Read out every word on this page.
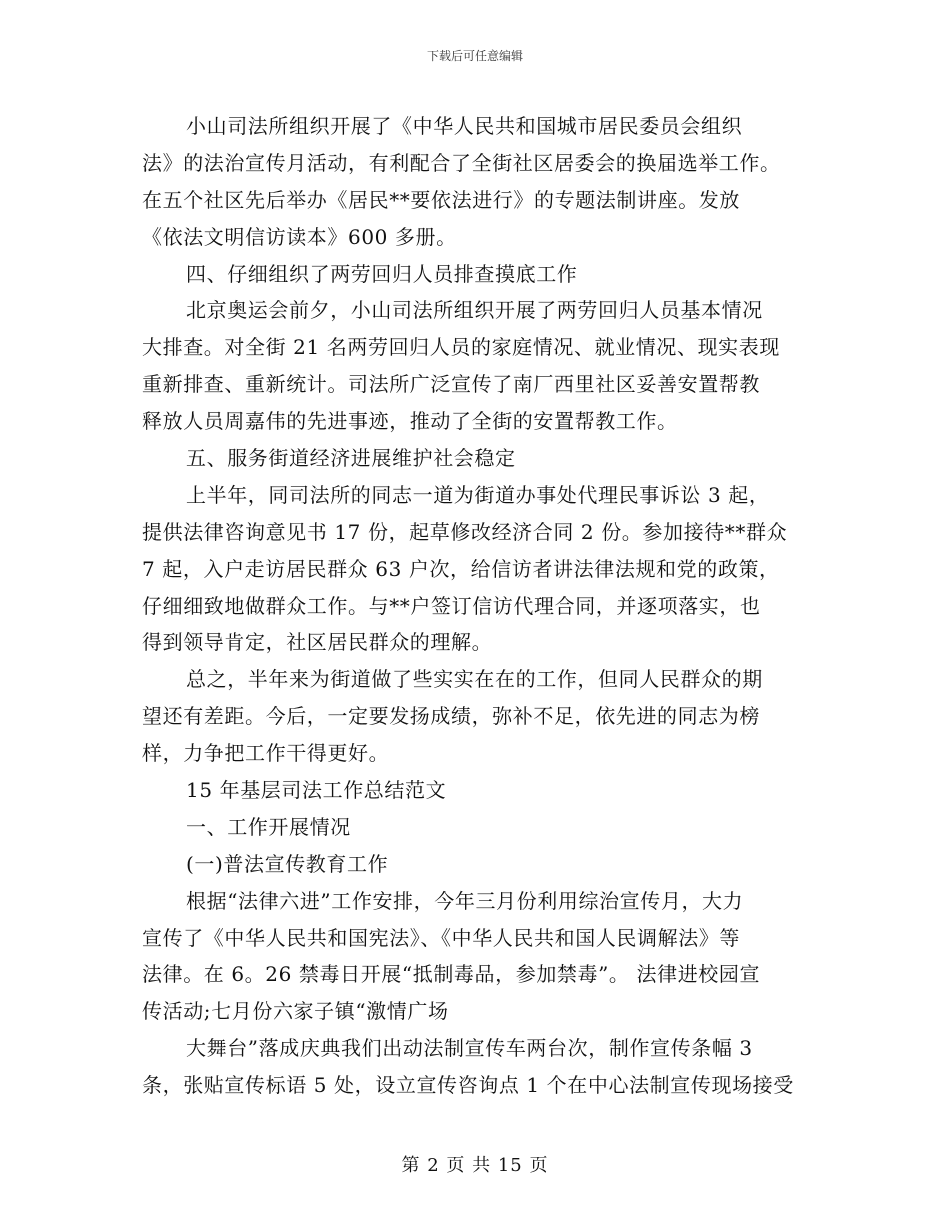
下载后可任意编辑
小山司法所组织开展了《中华人民共和国城市居民委员会组织
法》的法治宣传月活动，有利配合了全街社区居委会的换届选举工作。
在五个社区先后举办《居民**要依法进行》的专题法制讲座。发放
《依法文明信访读本》600 多册。
四、仔细组织了两劳回归人员排查摸底工作
北京奥运会前夕，小山司法所组织开展了两劳回归人员基本情况
大排查。对全街 21 名两劳回归人员的家庭情况、就业情况、现实表现
重新排查、重新统计。司法所广泛宣传了南厂西里社区妥善安置帮教
释放人员周嘉伟的先进事迹，推动了全街的安置帮教工作。
五、服务街道经济进展维护社会稳定
上半年，同司法所的同志一道为街道办事处代理民事诉讼 3 起，
提供法律咨询意见书 17 份，起草修改经济合同 2 份。参加接待**群众
7 起，入户走访居民群众 63 户次，给信访者讲法律法规和党的政策，
仔细细致地做群众工作。与**户签订信访代理合同，并逐项落实，也
得到领导肯定，社区居民群众的理解。
总之，半年来为街道做了些实实在在的工作，但同人民群众的期
望还有差距。今后，一定要发扬成绩，弥补不足，依先进的同志为榜
样，力争把工作干得更好。
15 年基层司法工作总结范文
一、工作开展情况
(一)普法宣传教育工作
根据“法律六进”工作安排，今年三月份利用综治宣传月，大力
宣传了《中华人民共和国宪法》、《中华人民共和国人民调解法》等
法律。在 6。26 禁毒日开展“抵制毒品，参加禁毒”。 法律进校园宣
传活动;七月份六家子镇“激情广场
大舞台”落成庆典我们出动法制宣传车两台次，制作宣传条幅 3
条，张贴宣传标语 5 处，设立宣传咨询点 1 个在中心法制宣传现场接受
第 2 页 共 15 页
